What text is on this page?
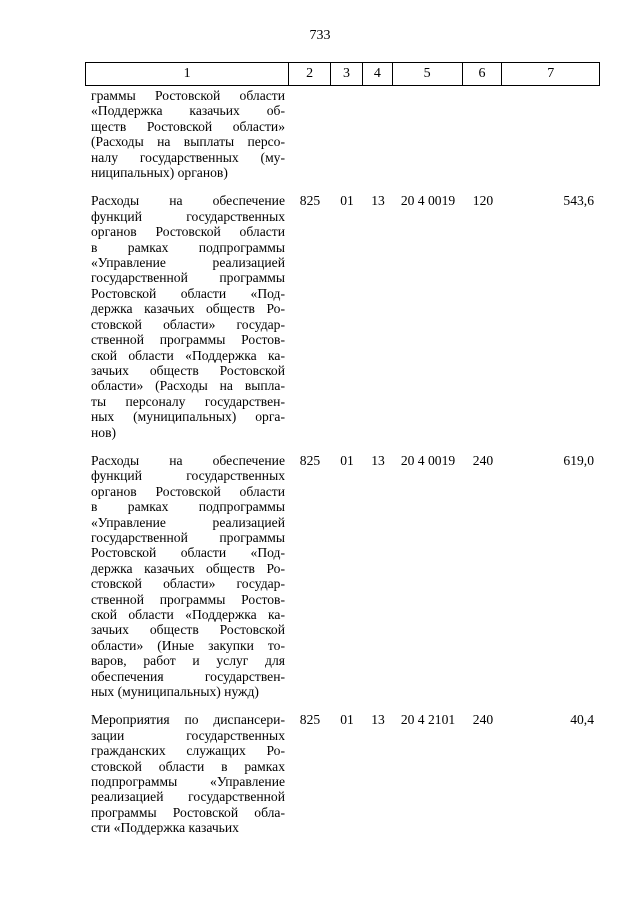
733
1	2	3	4	5	6	7
граммы Ростовской области
«Поддержка казачьих об-
ществ Ростовской области»
(Расходы на выплаты персо-
налу государственных (му-
ниципальных) органов)
Расходы на обеспечение
функций государственных
органов Ростовской области
в рамках подпрограммы
«Управление реализацией
государственной программы
Ростовской области «Под-
держка казачьих обществ Ро-
стовской области» государ-
ственной программы Ростов-
ской области «Поддержка ка-
зачьих обществ Ростовской
области» (Расходы на выпла-
ты персоналу государствен-
ных (муниципальных) орга-
нов)
825	01	13	20 4 0019	120	543,6
Расходы на обеспечение
функций государственных
органов Ростовской области
в рамках подпрограммы
«Управление реализацией
государственной программы
Ростовской области «Под-
держка казачьих обществ Ро-
стовской области» государ-
ственной программы Ростов-
ской области «Поддержка ка-
зачьих обществ Ростовской
области» (Иные закупки то-
варов, работ и услуг для
обеспечения государствен-
ных (муниципальных) нужд)
825	01	13	20 4 0019	240	619,0
Мероприятия по диспансери-
зации государственных
гражданских служащих Ро-
стовской области в рамках
подпрограммы «Управление
реализацией государственной
программы Ростовской обла-
сти «Поддержка казачьих
825	01	13	20 4 2101	240	40,4
